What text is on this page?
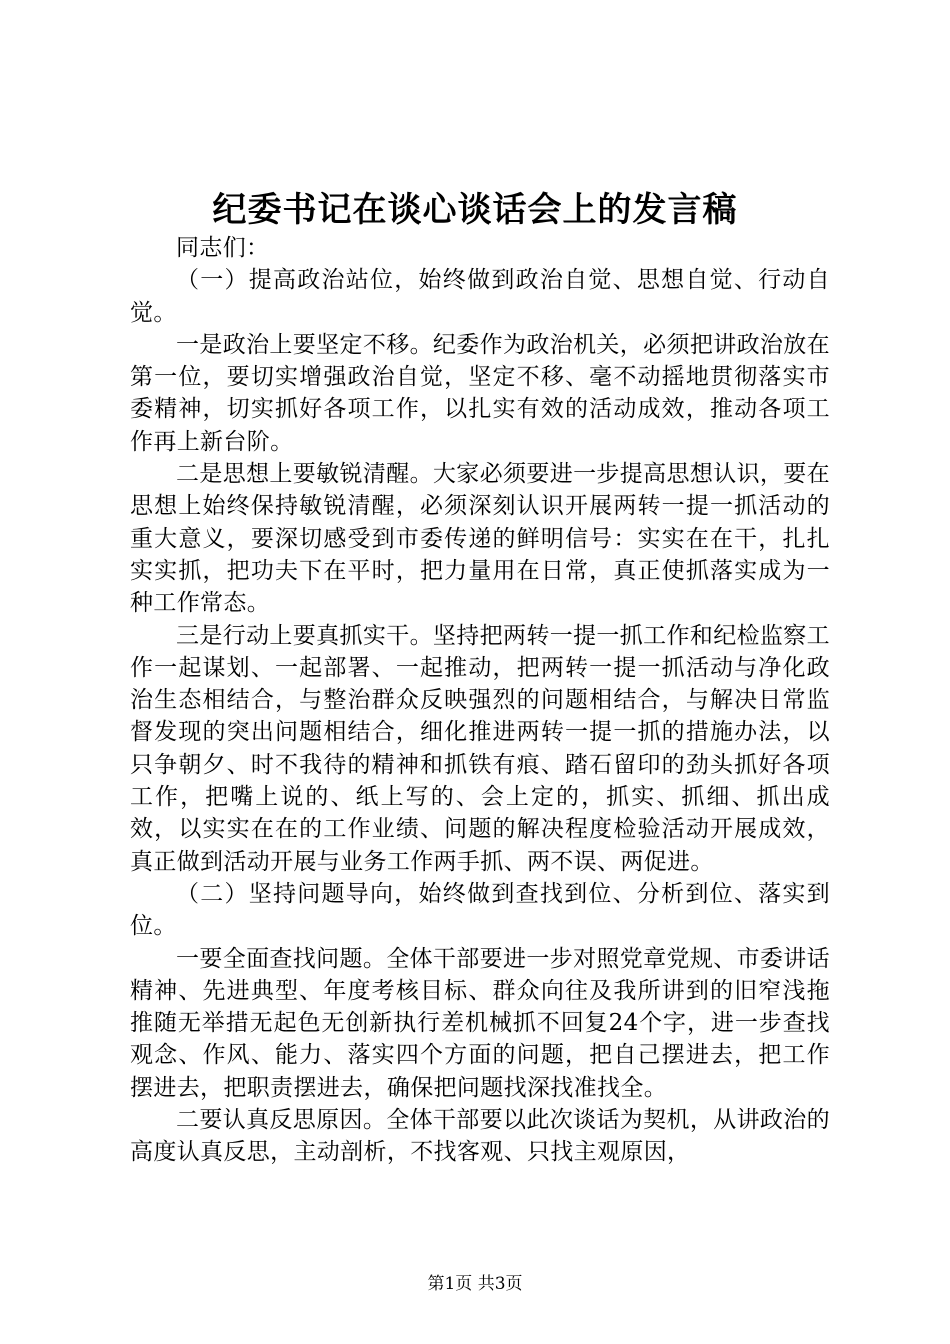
纪委书记在谈心谈话会上的发言稿

同志们：

（一）提高政治站位，始终做到政治自觉、思想自觉、行动自觉。

一是政治上要坚定不移。纪委作为政治机关，必须把讲政治放在第一位，要切实增强政治自觉，坚定不移、毫不动摇地贯彻落实市委精神，切实抓好各项工作，以扎实有效的活动成效，推动各项工作再上新台阶。

二是思想上要敏锐清醒。大家必须要进一步提高思想认识，要在思想上始终保持敏锐清醒，必须深刻认识开展两转一提一抓活动的重大意义，要深切感受到市委传递的鲜明信号：实实在在干，扎扎实实抓，把功夫下在平时，把力量用在日常，真正使抓落实成为一种工作常态。

三是行动上要真抓实干。坚持把两转一提一抓工作和纪检监察工作一起谋划、一起部署、一起推动，把两转一提一抓活动与净化政治生态相结合，与整治群众反映强烈的问题相结合，与解决日常监督发现的突出问题相结合，细化推进两转一提一抓的措施办法，以只争朝夕、时不我待的精神和抓铁有痕、踏石留印的劲头抓好各项工作，把嘴上说的、纸上写的、会上定的，抓实、抓细、抓出成效，以实实在在的工作业绩、问题的解决程度检验活动开展成效，真正做到活动开展与业务工作两手抓、两不误、两促进。

（二）坚持问题导向，始终做到查找到位、分析到位、落实到位。

一要全面查找问题。全体干部要进一步对照党章党规、市委讲话精神、先进典型、年度考核目标、群众向往及我所讲到的旧窄浅拖推随无举措无起色无创新执行差机械抓不回复24个字，进一步查找观念、作风、能力、落实四个方面的问题，把自己摆进去，把工作摆进去，把职责摆进去，确保把问题找深找准找全。

二要认真反思原因。全体干部要以此次谈话为契机，从讲政治的高度认真反思，主动剖析，不找客观、只找主观原因，

第1页 共3页
